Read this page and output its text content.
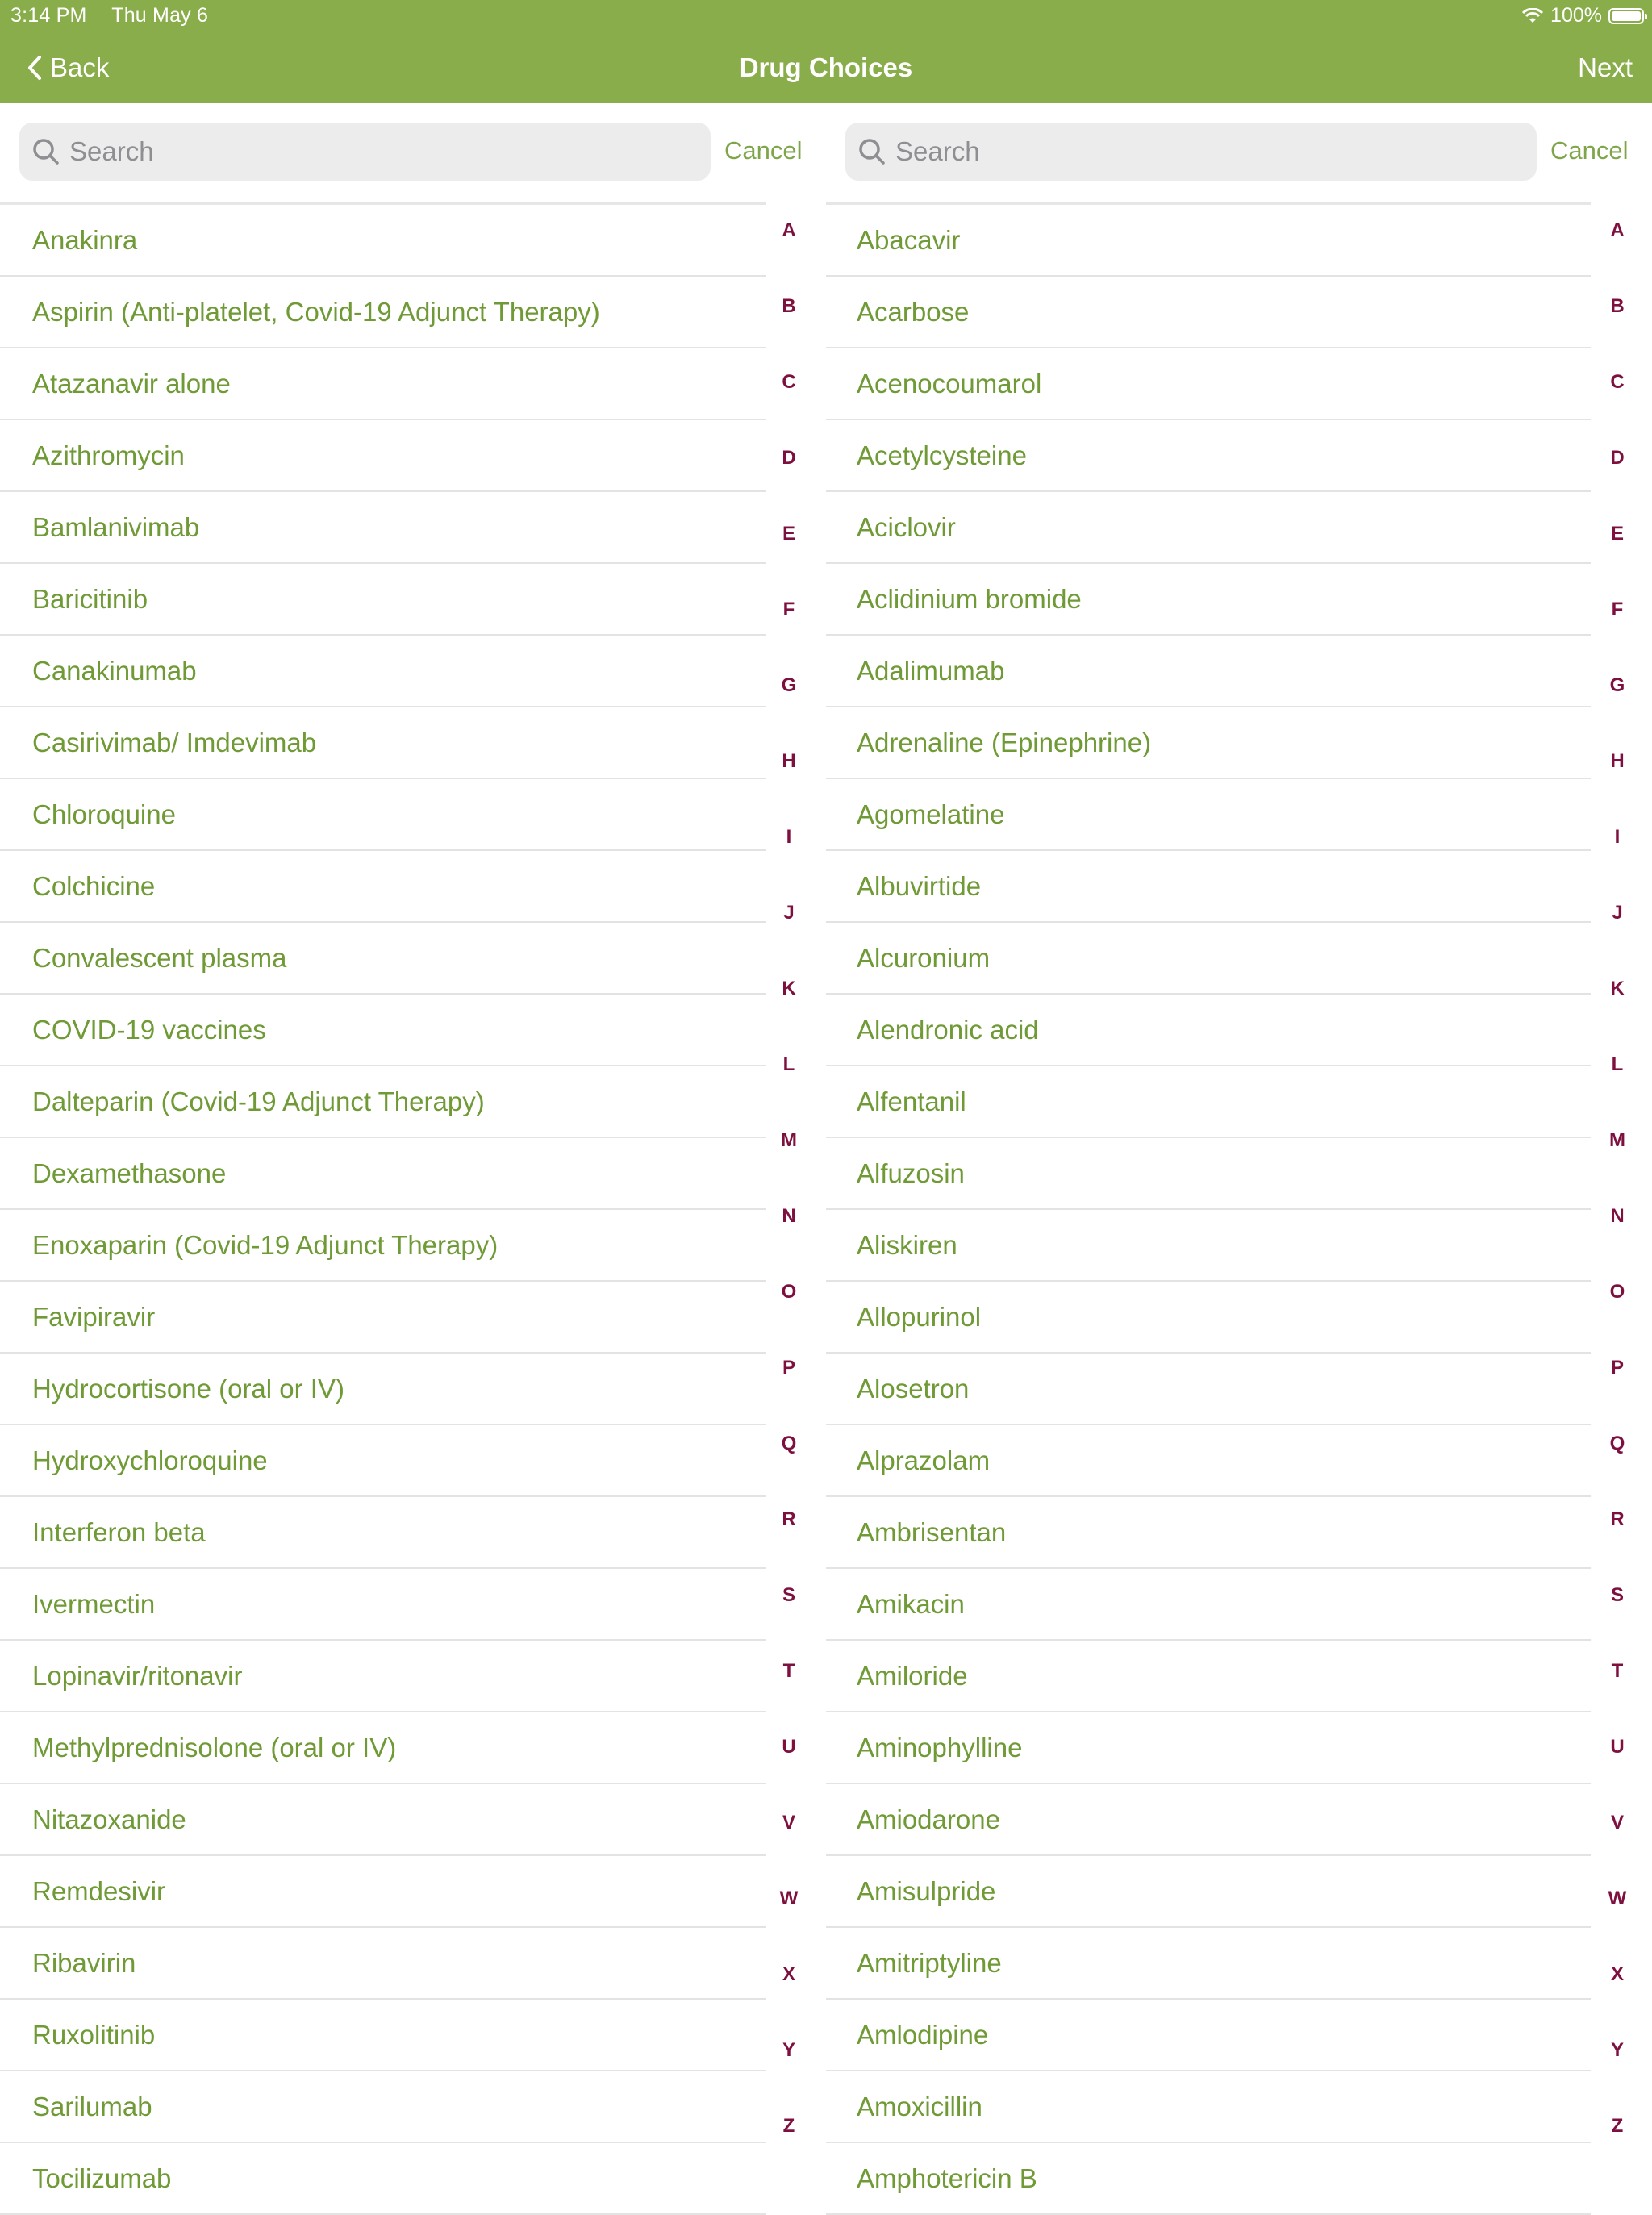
3:14 PM Thu May 6	100%
Back	Drug Choices	Next
Search
Cancel
Anakinra
Aspirin (Anti-platelet, Covid-19 Adjunct Therapy)
Atazanavir alone
Azithromycin
Bamlanivimab
Baricitinib
Canakinumab
Casirivimab/ Imdevimab
Chloroquine
Colchicine
Convalescent plasma
COVID-19 vaccines
Dalteparin (Covid-19 Adjunct Therapy)
Dexamethasone
Enoxaparin (Covid-19 Adjunct Therapy)
Favipiravir
Hydrocortisone (oral or IV)
Hydroxychloroquine
Interferon beta
Ivermectin
Lopinavir/ritonavir
Methylprednisolone (oral or IV)
Nitazoxanide
Remdesivir
Ribavirin
Ruxolitinib
Sarilumab
Tocilizumab
A
B
C
D
E
F
G
H
I
J
K
L
M
N
O
P
Q
R
S
T
U
V
W
X
Y
Z
Search
Cancel
Abacavir
Acarbose
Acenocoumarol
Acetylcysteine
Aciclovir
Aclidinium bromide
Adalimumab
Adrenaline (Epinephrine)
Agomelatine
Albuvirtide
Alcuronium
Alendronic acid
Alfentanil
Alfuzosin
Aliskiren
Allopurinol
Alosetron
Alprazolam
Ambrisentan
Amikacin
Amiloride
Aminophylline
Amiodarone
Amisulpride
Amitriptyline
Amlodipine
Amoxicillin
Amphotericin B
A
B
C
D
E
F
G
H
I
J
K
L
M
N
O
P
Q
R
S
T
U
V
W
X
Y
Z
